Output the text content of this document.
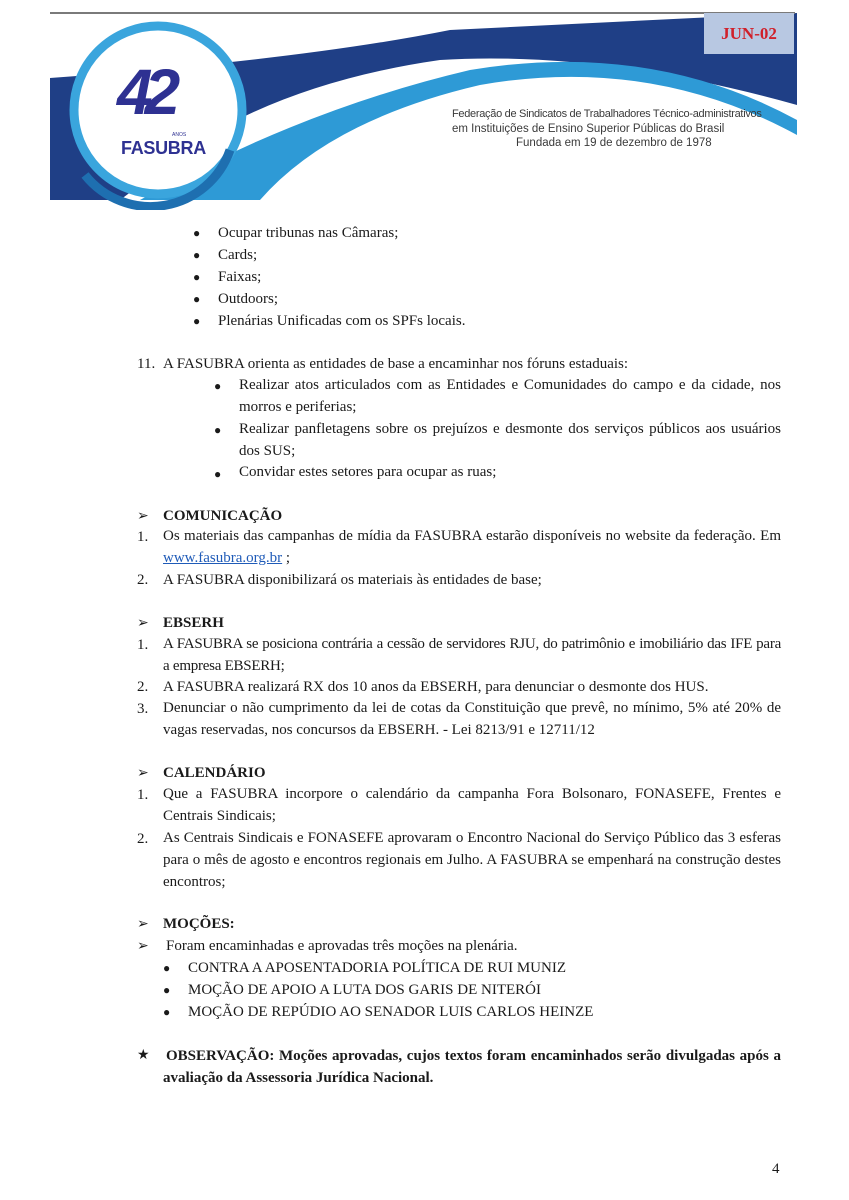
42
ANOS
FASUBRA
JUN-02
Federação de Sindicatos de Trabalhadores Técnico-administrativos
em Instituições de Ensino Superior Públicas do Brasil
Fundada em 19 de dezembro de 1978
● Ocupar tribunas nas Câmaras;
● Cards;
● Faixas;
● Outdoors;
● Plenárias Unificadas com os SPFs locais.
11. A FASUBRA orienta as entidades de base a encaminhar nos fóruns estaduais:
● Realizar atos articulados com as Entidades e Comunidades do campo e da cidade, nos morros e periferias;
● Realizar panfletagens sobre os prejuízos e desmonte dos serviços públicos aos usuários dos SUS;
● Convidar estes setores para ocupar as ruas;
➢ COMUNICAÇÃO
1. Os materiais das campanhas de mídia da FASUBRA estarão disponíveis no website da federação. Em www.fasubra.org.br ;
2. A FASUBRA disponibilizará os materiais às entidades de base;
➢ EBSERH
1. A FASUBRA se posiciona contrária a cessão de servidores RJU, do patrimônio e imobiliário das IFE para a empresa EBSERH;
2. A FASUBRA realizará RX dos 10 anos da EBSERH, para denunciar o desmonte dos HUS.
3. Denunciar o não cumprimento da lei de cotas da Constituição que prevê, no mínimo, 5% até 20% de vagas reservadas, nos concursos da EBSERH. - Lei 8213/91 e 12711/12
➢ CALENDÁRIO
1. Que a FASUBRA incorpore o calendário da campanha Fora Bolsonaro, FONASEFE, Frentes e Centrais Sindicais;
2. As Centrais Sindicais e FONASEFE aprovaram o Encontro Nacional do Serviço Público das 3 esferas para o mês de agosto e encontros regionais em Julho. A FASUBRA se empenhará na construção destes encontros;
➢ MOÇÕES:
➢ Foram encaminhadas e aprovadas três moções na plenária.
● CONTRA A APOSENTADORIA POLÍTICA DE RUI MUNIZ
● MOÇÃO DE APOIO A LUTA DOS GARIS DE NITERÓI
● MOÇÃO DE REPÚDIO AO SENADOR LUIS CARLOS HEINZE
★ OBSERVAÇÃO: Moções aprovadas, cujos textos foram encaminhados serão divulgadas após a avaliação da Assessoria Jurídica Nacional.
4
